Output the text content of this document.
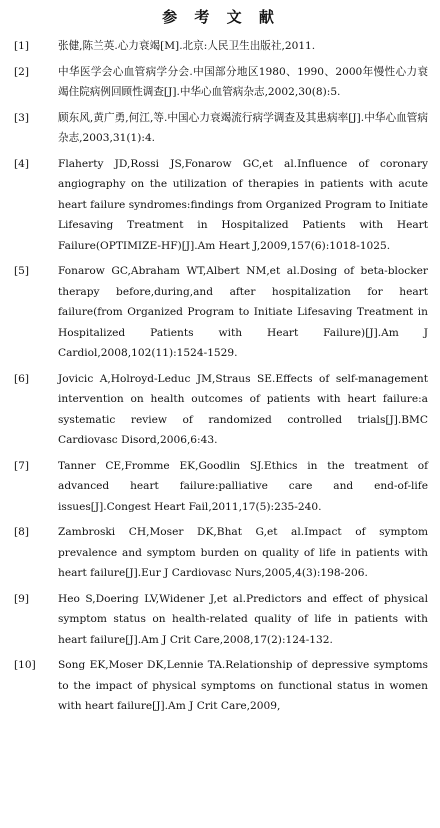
参 考 文 献
[1]	张健,陈兰英.心力衰竭[M].北京:人民卫生出版社,2011.
[2]	中华医学会心血管病学分会.中国部分地区1980、1990、2000年慢性心力衰竭住院病例回顾性调查[J].中华心血管病杂志,2002,30(8):5.
[3]	顾东风,黄广勇,何江,等.中国心力衰竭流行病学调查及其患病率[J].中华心血管病杂志,2003,31(1):4.
[4]	Flaherty JD,Rossi JS,Fonarow GC,et al.Influence of coronary angiography on the utilization of therapies in patients with acute heart failure syndromes:findings from Organized Program to Initiate Lifesaving Treatment in Hospitalized Patients with Heart Failure(OPTIMIZE-HF)[J].Am Heart J,2009,157(6):1018-1025.
[5]	Fonarow GC,Abraham WT,Albert NM,et al.Dosing of beta-blocker therapy before,during,and after hospitalization for heart failure(from Organized Program to Initiate Lifesaving Treatment in Hospitalized Patients with Heart Failure)[J].Am J Cardiol,2008,102(11):1524-1529.
[6]	Jovicic A,Holroyd-Leduc JM,Straus SE.Effects of self-management intervention on health outcomes of patients with heart failure:a systematic review of randomized controlled trials[J].BMC Cardiovasc Disord,2006,6:43.
[7]	Tanner CE,Fromme EK,Goodlin SJ.Ethics in the treatment of advanced heart failure:palliative care and end-of-life issues[J].Congest Heart Fail,2011,17(5):235-240.
[8]	Zambroski CH,Moser DK,Bhat G,et al.Impact of symptom prevalence and symptom burden on quality of life in patients with heart failure[J].Eur J Cardiovasc Nurs,2005,4(3):198-206.
[9]	Heo S,Doering LV,Widener J,et al.Predictors and effect of physical symptom status on health-related quality of life in patients with heart failure[J].Am J Crit Care,2008,17(2):124-132.
[10]	Song EK,Moser DK,Lennie TA.Relationship of depressive symptoms to the impact of physical symptoms on functional status in women with heart failure[J].Am J Crit Care,2009,
